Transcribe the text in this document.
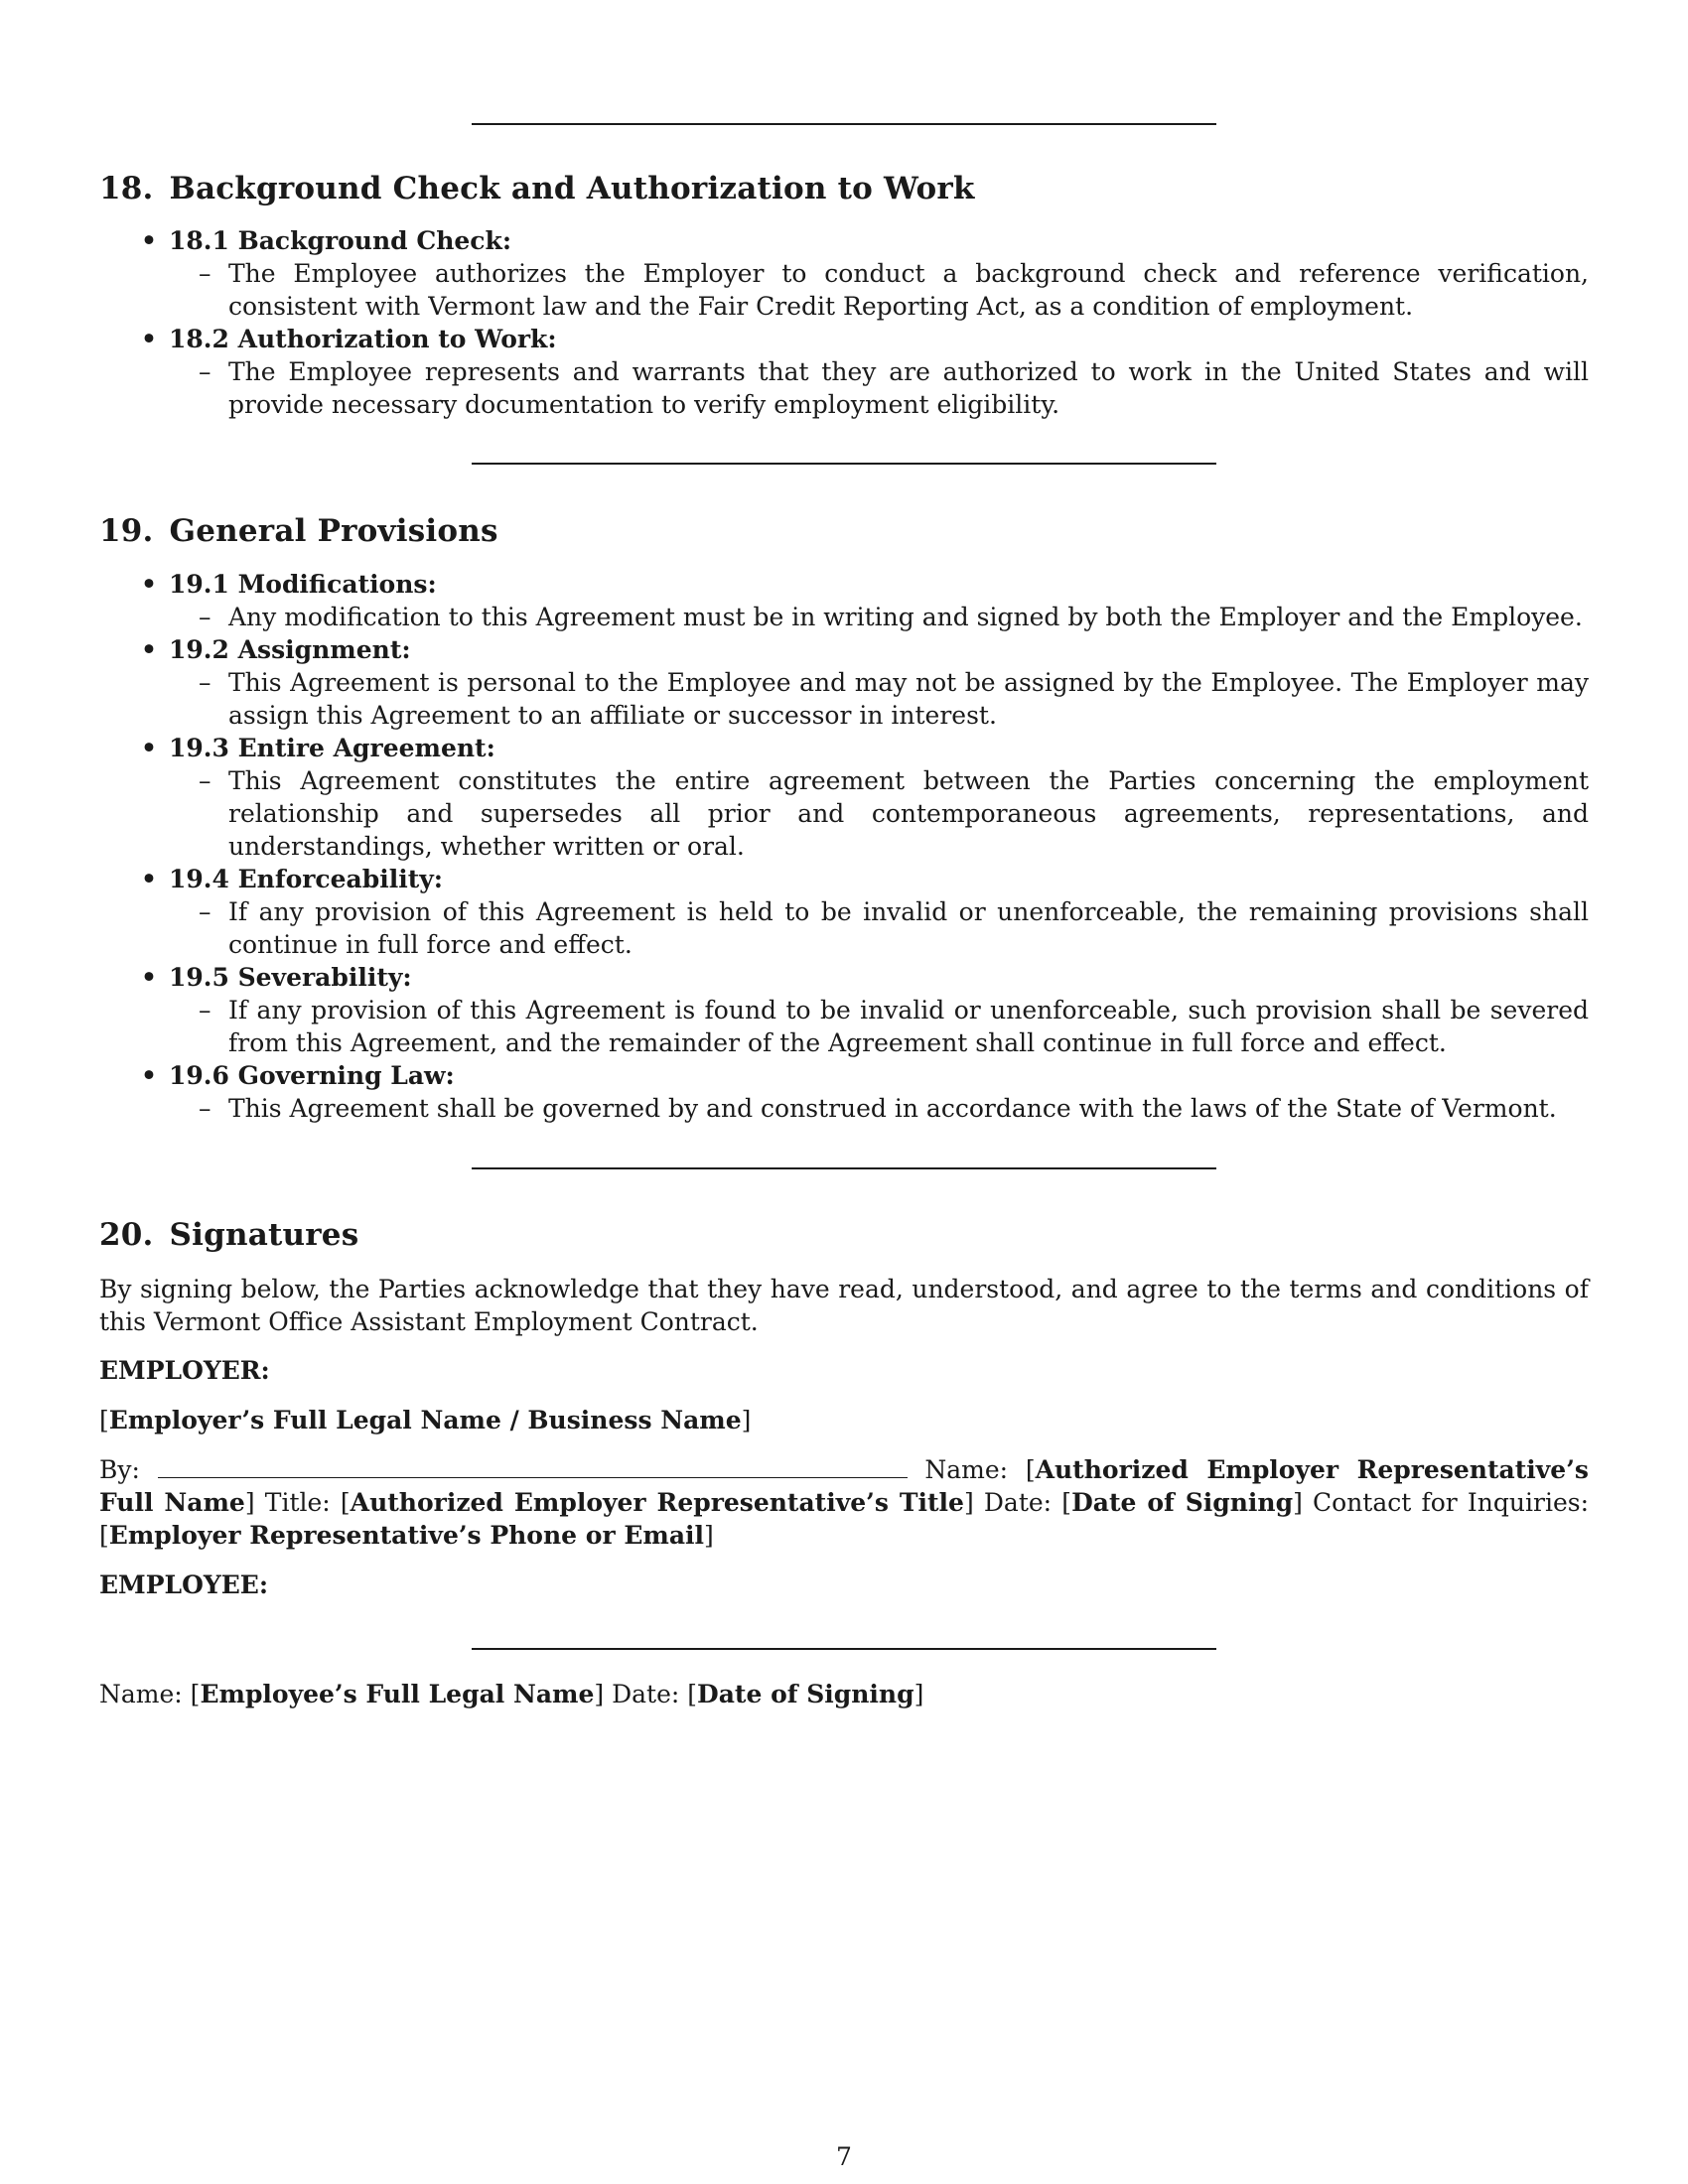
18. Background Check and Authorization to Work
• 18.1 Background Check:
– The Employee authorizes the Employer to conduct a background check and reference verification, consistent with Vermont law and the Fair Credit Reporting Act, as a condition of employment.
• 18.2 Authorization to Work:
– The Employee represents and warrants that they are authorized to work in the United States and will provide necessary documentation to verify employment eligibility.
19. General Provisions
• 19.1 Modifications:
– Any modification to this Agreement must be in writing and signed by both the Employer and the Employee.
• 19.2 Assignment:
– This Agreement is personal to the Employee and may not be assigned by the Employee. The Employer may assign this Agreement to an affiliate or successor in interest.
• 19.3 Entire Agreement:
– This Agreement constitutes the entire agreement between the Parties concerning the employment relationship and supersedes all prior and contemporaneous agreements, representations, and understandings, whether written or oral.
• 19.4 Enforceability:
– If any provision of this Agreement is held to be invalid or unenforceable, the remaining provisions shall continue in full force and effect.
• 19.5 Severability:
– If any provision of this Agreement is found to be invalid or unenforceable, such provision shall be severed from this Agreement, and the remainder of the Agreement shall continue in full force and effect.
• 19.6 Governing Law:
– This Agreement shall be governed by and construed in accordance with the laws of the State of Vermont.
20. Signatures

By signing below, the Parties acknowledge that they have read, understood, and agree to the terms and conditions of this Vermont Office Assistant Employment Contract.

EMPLOYER:

[Employer’s Full Legal Name / Business Name]

By:	Name: [Authorized Employer Representative’s Full Name] Title: [Authorized Employer Representative’s Title] Date: [Date of Signing] Contact for Inquiries: [Employer Representative’s Phone or Email]

EMPLOYEE:

Name: [Employee’s Full Legal Name] Date: [Date of Signing]

7
